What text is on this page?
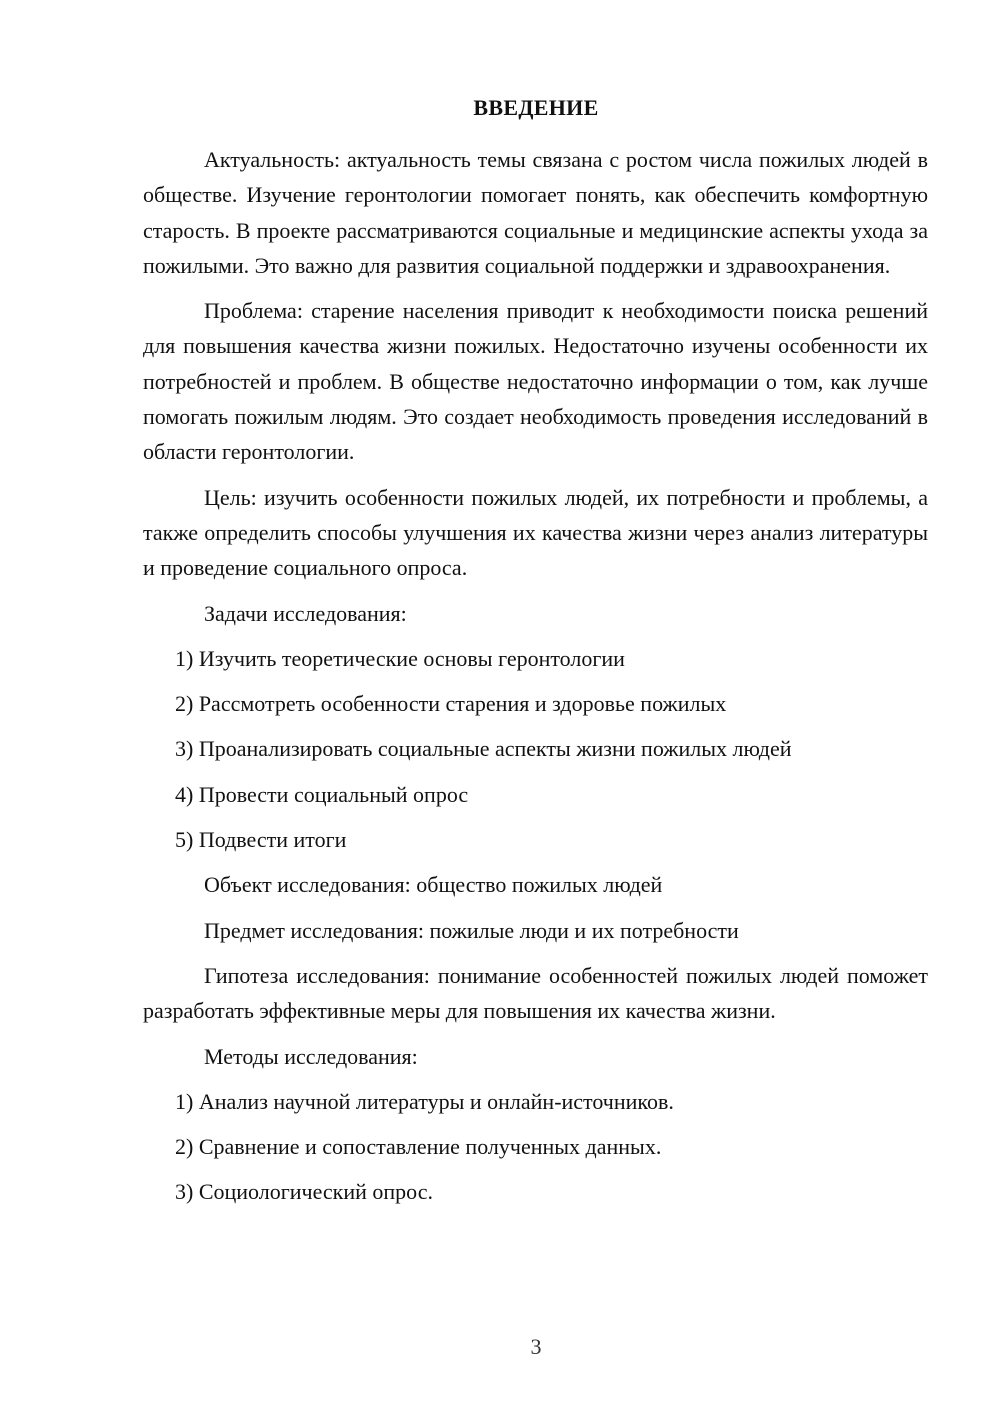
ВВЕДЕНИЕ

Актуальность: актуальность темы связана с ростом числа пожилых людей в обществе. Изучение геронтологии помогает понять, как обеспечить комфортную старость. В проекте рассматриваются социальные и медицинские аспекты ухода за пожилыми. Это важно для развития социальной поддержки и здравоохранения.

Проблема: старение населения приводит к необходимости поиска решений для повышения качества жизни пожилых. Недостаточно изучены особенности их потребностей и проблем. В обществе недостаточно информации о том, как лучше помогать пожилым людям. Это создает необходимость проведения исследований в области геронтологии.

Цель: изучить особенности пожилых людей, их потребности и проблемы, а также определить способы улучшения их качества жизни через анализ литературы и проведение социального опроса.

Задачи исследования:

1) Изучить теоретические основы геронтологии

2) Рассмотреть особенности старения и здоровье пожилых

3) Проанализировать социальные аспекты жизни пожилых людей

4) Провести социальный опрос

5) Подвести итоги

Объект исследования: общество пожилых людей

Предмет исследования: пожилые люди и их потребности

Гипотеза исследования: понимание особенностей пожилых людей поможет разработать эффективные меры для повышения их качества жизни.

Методы исследования:

1) Анализ научной литературы и онлайн-источников.

2) Сравнение и сопоставление полученных данных.

3) Социологический опрос.

3
